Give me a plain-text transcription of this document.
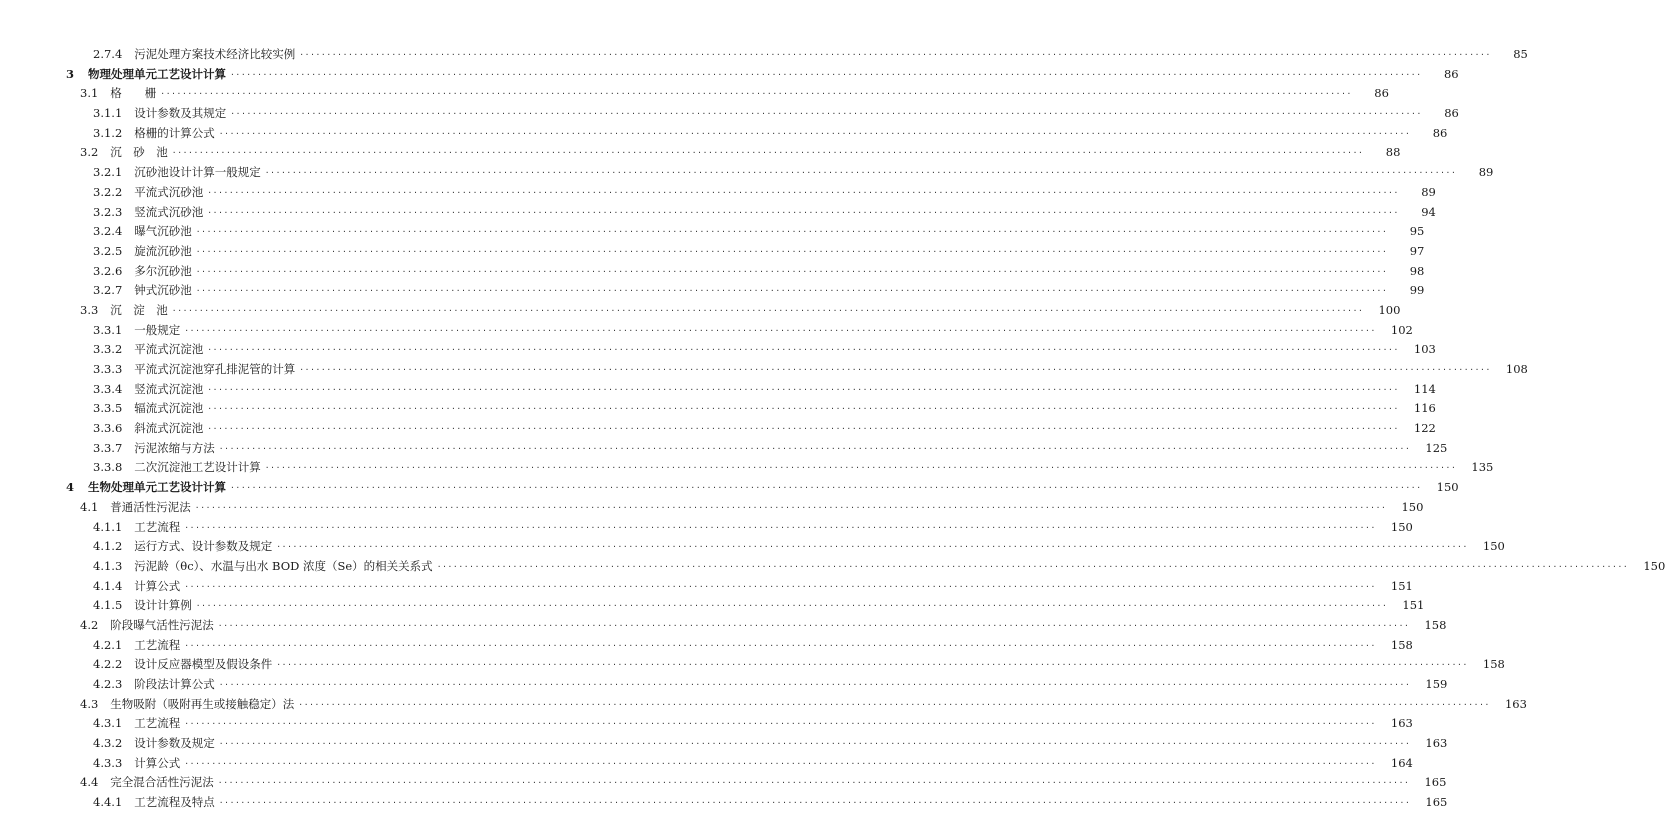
2.7.4 污泥处理方案技术经济比较实例 ····························································································································································································································	85
3 物理处理单元工艺设计计算 ····························································································································································································································	86
3.1 格　　栅 ····························································································································································································································	86
3.1.1 设计参数及其规定 ····························································································································································································································	86
3.1.2 格栅的计算公式 ····························································································································································································································	86
3.2 沉　砂　池 ····························································································································································································································	88
3.2.1 沉砂池设计计算一般规定 ····························································································································································································································	89
3.2.2 平流式沉砂池 ····························································································································································································································	89
3.2.3 竖流式沉砂池 ····························································································································································································································	94
3.2.4 曝气沉砂池 ····························································································································································································································	95
3.2.5 旋流沉砂池 ····························································································································································································································	97
3.2.6 多尔沉砂池 ····························································································································································································································	98
3.2.7 钟式沉砂池 ····························································································································································································································	99
3.3 沉　淀　池 ····························································································································································································································	100
3.3.1 一般规定 ····························································································································································································································	102
3.3.2 平流式沉淀池 ····························································································································································································································	103
3.3.3 平流式沉淀池穿孔排泥管的计算 ····························································································································································································································	108
3.3.4 竖流式沉淀池 ····························································································································································································································	114
3.3.5 辐流式沉淀池 ····························································································································································································································	116
3.3.6 斜流式沉淀池 ····························································································································································································································	122
3.3.7 污泥浓缩与方法 ····························································································································································································································	125
3.3.8 二次沉淀池工艺设计计算 ····························································································································································································································	135
4 生物处理单元工艺设计计算 ····························································································································································································································	150
4.1 普通活性污泥法 ····························································································································································································································	150
4.1.1 工艺流程 ····························································································································································································································	150
4.1.2 运行方式、设计参数及规定 ····························································································································································································································	150
4.1.3 污泥龄（θc）、水温与出水 BOD 浓度（Se）的相关关系式 ····························································································································································································································	150
4.1.4 计算公式 ····························································································································································································································	151
4.1.5 设计计算例 ····························································································································································································································	151
4.2 阶段曝气活性污泥法 ····························································································································································································································	158
4.2.1 工艺流程 ····························································································································································································································	158
4.2.2 设计反应器模型及假设条件 ····························································································································································································································	158
4.2.3 阶段法计算公式 ····························································································································································································································	159
4.3 生物吸附（吸附再生或接触稳定）法 ····························································································································································································································	163
4.3.1 工艺流程 ····························································································································································································································	163
4.3.2 设计参数及规定 ····························································································································································································································	163
4.3.3 计算公式 ····························································································································································································································	164
4.4 完全混合活性污泥法 ····························································································································································································································	165
4.4.1 工艺流程及特点 ····························································································································································································································	165
